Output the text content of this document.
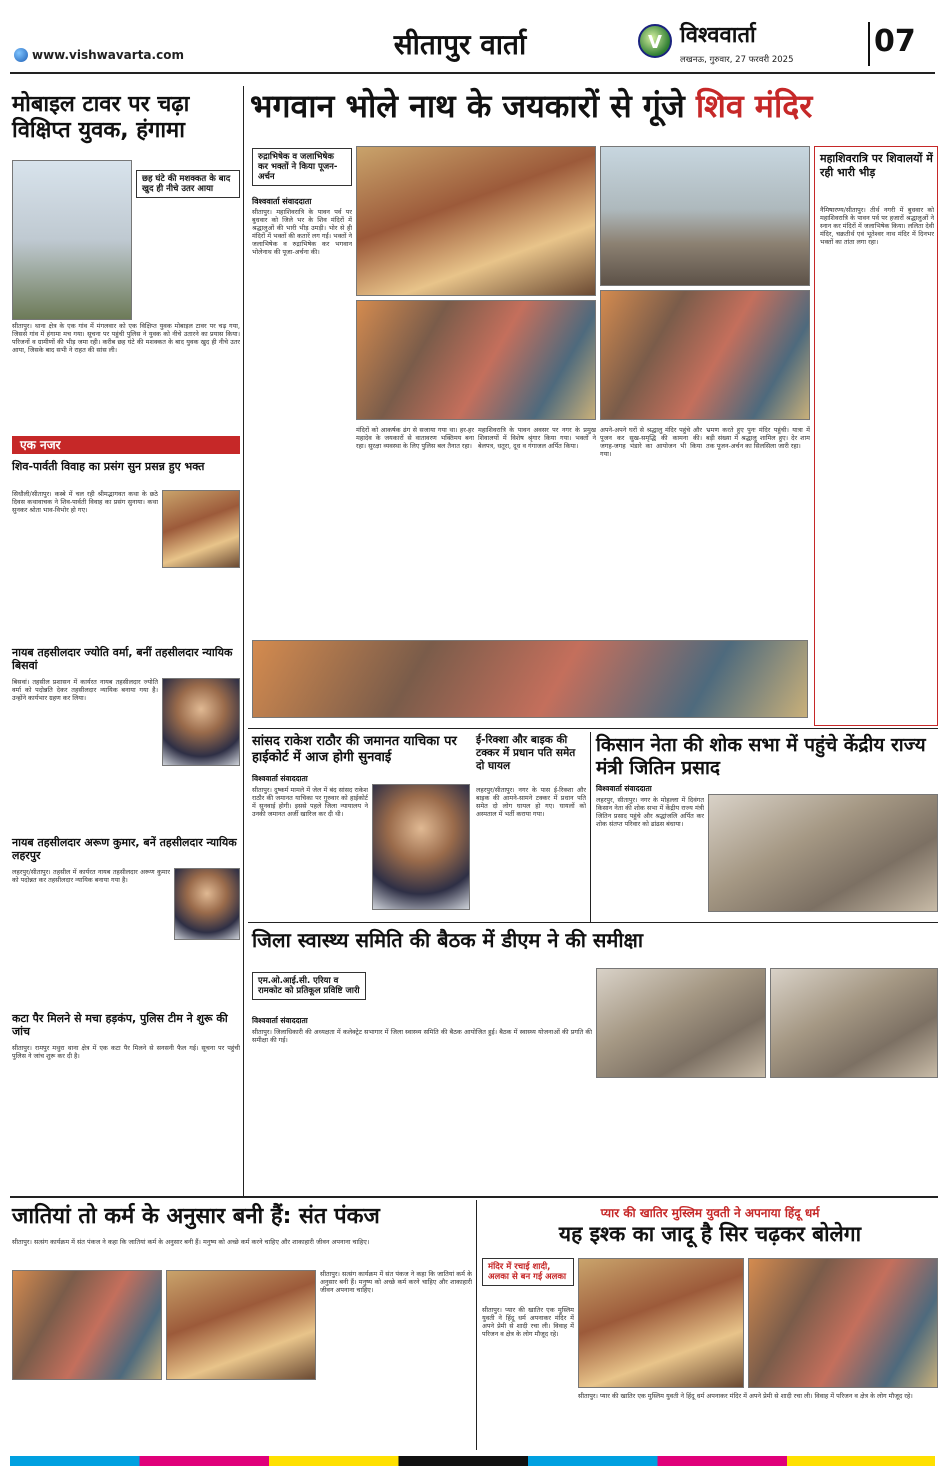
www.vishwavarta.com	सीतापुर वार्ता	V विश्ववार्ता
लखनऊ, गुरुवार, 27 फरवरी 2025
07
मोबाइल टावर पर चढ़ा विक्षिप्त युवक, हंगामा
छह घंटे की मशक्कत के बाद खुद ही नीचे उतर आया
सीतापुर। थाना क्षेत्र के एक गांव में मंगलवार को एक विक्षिप्त युवक मोबाइल टावर पर चढ़ गया, जिससे गांव में हंगामा मच गया। सूचना पर पहुंची पुलिस ने युवक को नीचे उतारने का प्रयास किया। परिजनों व ग्रामीणों की भीड़ जमा रही। करीब छह घंटे की मशक्कत के बाद युवक खुद ही नीचे उतर आया, जिसके बाद सभी ने राहत की सांस ली।
एक नजर
शिव-पार्वती विवाह का प्रसंग सुन प्रसन्न हुए भक्त
सिधौली/सीतापुर। कस्बे में चल रही श्रीमद्भागवत कथा के छठे दिवस कथावाचक ने शिव-पार्वती विवाह का प्रसंग सुनाया। कथा सुनकर श्रोता भाव-विभोर हो गए।
नायब तहसीलदार ज्योति वर्मा, बनीं तहसीलदार न्यायिक बिसवां
बिसवां। तहसील प्रशासन में कार्यरत नायब तहसीलदार ज्योति वर्मा को पदोन्नति देकर तहसीलदार न्यायिक बनाया गया है। उन्होंने कार्यभार ग्रहण कर लिया।
नायब तहसीलदार अरूण कुमार, बनें तहसीलदार न्यायिक लहरपुर
लहरपुर/सीतापुर। तहसील में कार्यरत नायब तहसीलदार अरूण कुमार को पदोन्नत कर तहसीलदार न्यायिक बनाया गया है।
कटा पैर मिलने से मचा हड़कंप, पुलिस टीम ने शुरू की जांच
सीतापुर। रामपुर मथुरा थाना क्षेत्र में एक कटा पैर मिलने से सनसनी फैल गई। सूचना पर पहुंची पुलिस ने जांच शुरू कर दी है।
भगवान भोले नाथ के जयकारों से गूंजे शिव मंदिर
रुद्राभिषेक व जलाभिषेक कर भक्तों ने किया पूजन-अर्चन
विश्ववार्ता संवाददाता
सीतापुर। महाशिवरात्रि के पावन पर्व पर बुधवार को जिले भर के शिव मंदिरों में श्रद्धालुओं की भारी भीड़ उमड़ी। भोर से ही मंदिरों में भक्तों की कतारें लग गईं। भक्तों ने जलाभिषेक व रुद्राभिषेक कर भगवान भोलेनाथ की पूजा-अर्चना की।
मंदिरों को आकर्षक ढंग से सजाया गया था। हर-हर महादेव के जयकारों से वातावरण भक्तिमय बना रहा। सुरक्षा व्यवस्था के लिए पुलिस बल तैनात रहा।
महाशिवरात्रि के पावन अवसर पर नगर के प्रमुख शिवालयों में विशेष श्रृंगार किया गया। भक्तों ने बेलपत्र, धतूरा, दूध व गंगाजल अर्पित किया।
अपने-अपने घरों से श्रद्धालु मंदिर पहुंचे और पूजन कर सुख-समृद्धि की कामना की। जगह-जगह भंडारे का आयोजन भी किया गया।
भ्रमण करते हुए पुनः मंदिर पहुंची। यात्रा में बड़ी संख्या में श्रद्धालु शामिल हुए। देर शाम तक पूजन-अर्चन का सिलसिला जारी रहा।
महाशिवरात्रि पर शिवालयों में रही भारी भीड़
नैमिषारण्य/सीतापुर। तीर्थ नगरी में बुधवार को महाशिवरात्रि के पावन पर्व पर हजारों श्रद्धालुओं ने स्नान कर मंदिरों में जलाभिषेक किया। ललिता देवी मंदिर, चक्रतीर्थ एवं भूतेश्वर नाथ मंदिर में दिनभर भक्तों का तांता लगा रहा।
सांसद राकेश राठौर की जमानत याचिका पर हाईकोर्ट में आज होगी सुनवाई
विश्ववार्ता संवाददाता
सीतापुर। दुष्कर्म मामले में जेल में बंद सांसद राकेश राठौर की जमानत याचिका पर गुरुवार को हाईकोर्ट में सुनवाई होगी। इससे पहले जिला न्यायालय ने उनकी जमानत अर्जी खारिज कर दी थी।
ई-रिक्शा और बाइक की टक्कर में प्रधान पति समेत दो घायल
लहरपुर/सीतापुर। नगर के पास ई-रिक्शा और बाइक की आमने-सामने टक्कर में प्रधान पति समेत दो लोग घायल हो गए। घायलों को अस्पताल में भर्ती कराया गया।
किसान नेता की शोक सभा में पहुंचे केंद्रीय राज्य मंत्री जितिन प्रसाद
विश्ववार्ता संवाददाता
लहरपुर, सीतापुर। नगर के मोहल्ला में दिवंगत किसान नेता की शोक सभा में केंद्रीय राज्य मंत्री जितिन प्रसाद पहुंचे और श्रद्धांजलि अर्पित कर शोक संतप्त परिवार को ढांढस बंधाया।
जिला स्वास्थ्य समिति की बैठक में डीएम ने की समीक्षा
एम.ओ.आई.सी. एरिया व रामकोट को प्रतिकूल प्रविष्टि जारी
विश्ववार्ता संवाददाता
सीतापुर। जिलाधिकारी की अध्यक्षता में कलेक्ट्रेट सभागार में जिला स्वास्थ्य समिति की बैठक आयोजित हुई। बैठक में स्वास्थ्य योजनाओं की प्रगति की समीक्षा की गई।
जातियां तो कर्म के अनुसार बनी हैं: संत पंकज
सीतापुर। सत्संग कार्यक्रम में संत पंकज ने कहा कि जातियां कर्म के अनुसार बनी हैं। मनुष्य को अच्छे कर्म करने चाहिए और शाकाहारी जीवन अपनाना चाहिए।
सीतापुर। सत्संग कार्यक्रम में संत पंकज ने कहा कि जातियां कर्म के अनुसार बनी हैं। मनुष्य को अच्छे कर्म करने चाहिए और शाकाहारी जीवन अपनाना चाहिए।
प्यार की खातिर मुस्लिम युवती ने अपनाया हिंदू धर्म
यह इश्क का जादू है सिर चढ़कर बोलेगा
मंदिर में रचाई शादी, अलका से बन गई अलका
सीतापुर। प्यार की खातिर एक मुस्लिम युवती ने हिंदू धर्म अपनाकर मंदिर में अपने प्रेमी से शादी रचा ली। विवाह में परिजन व क्षेत्र के लोग मौजूद रहे।
सीतापुर। प्यार की खातिर एक मुस्लिम युवती ने हिंदू धर्म अपनाकर मंदिर में अपने प्रेमी से शादी रचा ली। विवाह में परिजन व क्षेत्र के लोग मौजूद रहे।
